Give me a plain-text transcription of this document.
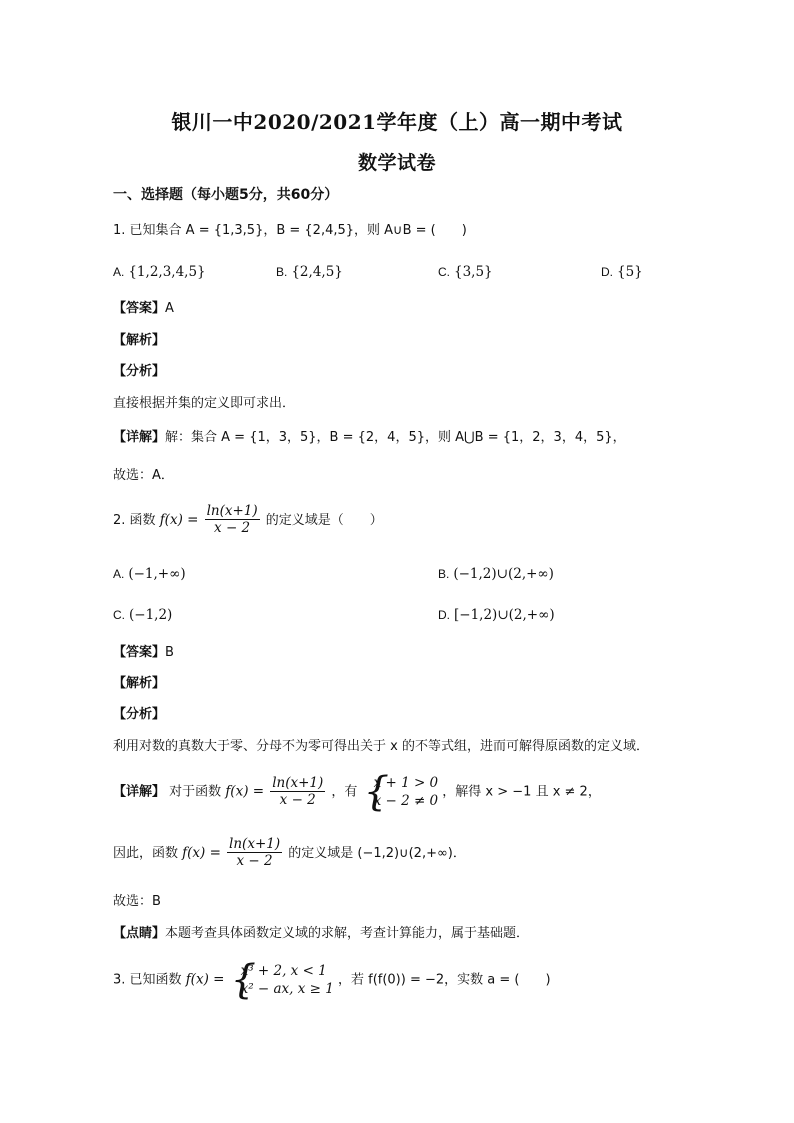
银川一中2020/2021学年度（上）高一期中考试
数学试卷
一、选择题（每小题5分，共60分）
1. 已知集合 A = {1,3,5}，B = {2,4,5}，则 A∪B = (　　)
A. {1,2,3,4,5}	B. {2,4,5}	C. {3,5}	D. {5}
【答案】A
【解析】
【分析】
直接根据并集的定义即可求出．
【详解】解：集合 A = {1，3，5}，B = {2，4，5}，则 A⋃B = {1，2，3，4，5}，
故选：A．
2. 函数 $f(x) = \frac{\ln(x+1)}{x - 2}$ 的定义域是（　　）
A. (−1,+∞)	B. (−1,2)∪(2,+∞)
C. (−1,2)	D. [−1,2)∪(2,+∞)
【答案】B
【解析】
【分析】
利用对数的真数大于零、分母不为零可得出关于 x 的不等式组，进而可解得原函数的定义域．
【详解】 对于函数 $f(x) = \frac{\ln(x+1)}{x - 2}$ ，有 {
x + 1 > 0
x − 2 ≠ 0
，解得 x > −1 且 x ≠ 2，
因此，函数 $f(x) = \frac{\ln(x+1)}{x - 2}$ 的定义域是 (−1,2)∪(2,+∞)．
故选：B
【点睛】本题考查具体函数定义域的求解，考查计算能力，属于基础题．
3. 已知函数 f(x) = {
x³ + 2, x < 1
x² − ax, x ≥ 1
，若 f(f(0)) = −2，实数 a = (　　)
